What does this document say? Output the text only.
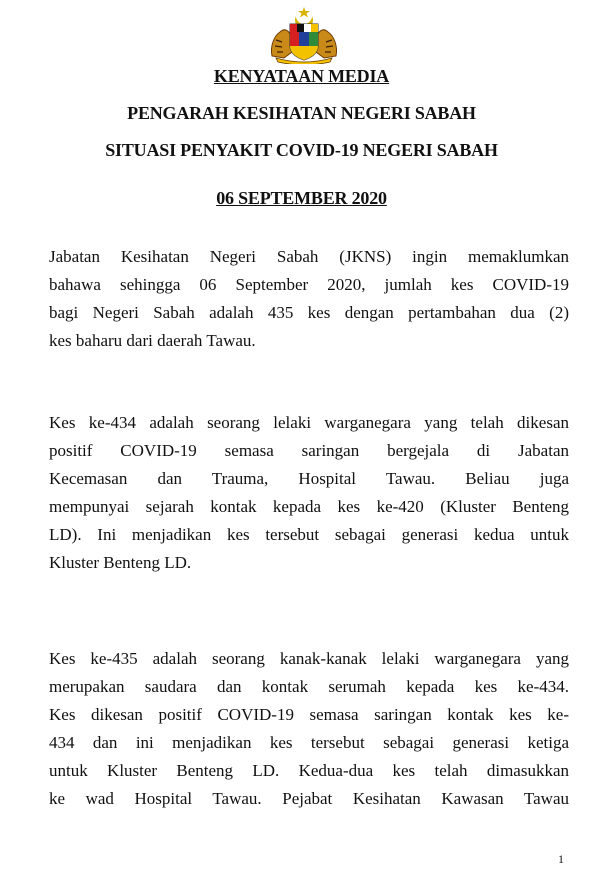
KENYATAAN MEDIA
PENGARAH KESIHATAN NEGERI SABAH
SITUASI PENYAKIT COVID-19 NEGERI SABAH
06 SEPTEMBER 2020
Jabatan Kesihatan Negeri Sabah (JKNS) ingin memaklumkan
bahawa sehingga 06 September 2020, jumlah kes COVID-19
bagi Negeri Sabah adalah 435 kes dengan pertambahan dua (2)
kes baharu dari daerah Tawau.
Kes ke-434 adalah seorang lelaki warganegara yang telah dikesan
positif COVID-19 semasa saringan bergejala di Jabatan
Kecemasan dan Trauma, Hospital Tawau. Beliau juga
mempunyai sejarah kontak kepada kes ke-420 (Kluster Benteng
LD). Ini menjadikan kes tersebut sebagai generasi kedua untuk
Kluster Benteng LD.
Kes ke-435 adalah seorang kanak-kanak lelaki warganegara yang
merupakan saudara dan kontak serumah kepada kes ke-434.
Kes dikesan positif COVID-19 semasa saringan kontak kes ke-
434 dan ini menjadikan kes tersebut sebagai generasi ketiga
untuk Kluster Benteng LD. Kedua-dua kes telah dimasukkan
ke wad Hospital Tawau. Pejabat Kesihatan Kawasan Tawau
1
